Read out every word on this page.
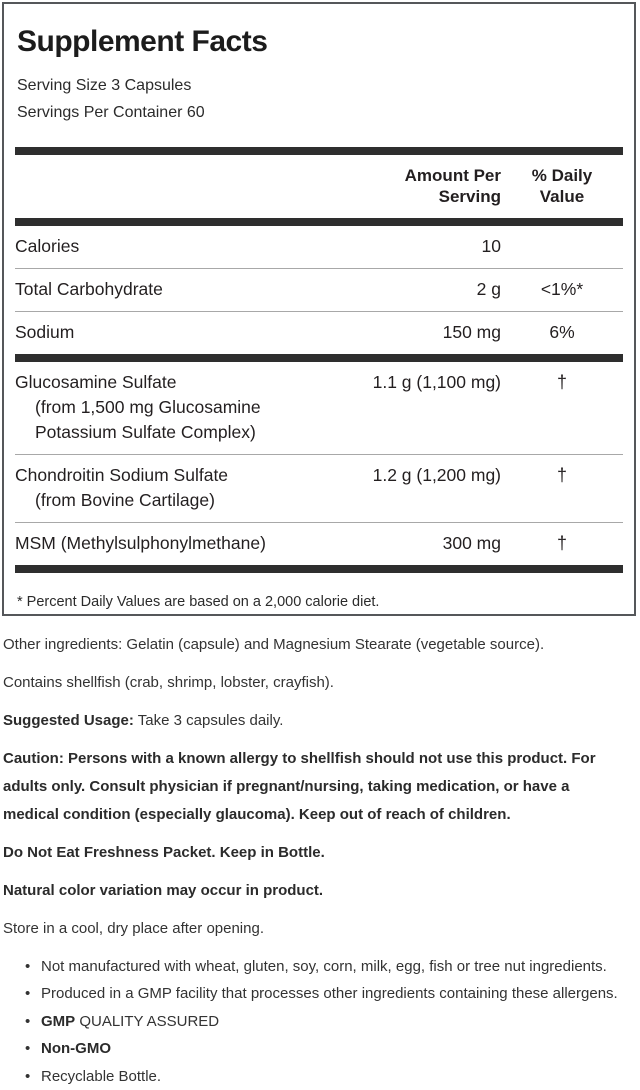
Supplement Facts
Serving Size 3 Capsules
Servings Per Container 60
Amount Per Serving
% Daily Value
Calories	10
Total Carbohydrate	2 g	<1%*
Sodium	150 mg	6%
Glucosamine Sulfate
(from 1,500 mg Glucosamine
Potassium Sulfate Complex)
1.1 g (1,100 mg)	†
Chondroitin Sodium Sulfate
(from Bovine Cartilage)
1.2 g (1,200 mg)	†
MSM (Methylsulphonylmethane)	300 mg	†

* Percent Daily Values are based on a 2,000 calorie diet.

Other ingredients: Gelatin (capsule) and Magnesium Stearate (vegetable source).

Contains shellfish (crab, shrimp, lobster, crayfish).

Suggested Usage: Take 3 capsules daily.

Caution: Persons with a known allergy to shellfish should not use this product. For adults only. Consult physician if pregnant/nursing, taking medication, or have a medical condition (especially glaucoma). Keep out of reach of children.

Do Not Eat Freshness Packet. Keep in Bottle.

Natural color variation may occur in product.

Store in a cool, dry place after opening.

• Not manufactured with wheat, gluten, soy, corn, milk, egg, fish or tree nut ingredients.
• Produced in a GMP facility that processes other ingredients containing these allergens.
• GMP QUALITY ASSURED
• Non-GMO
• Recyclable Bottle.
